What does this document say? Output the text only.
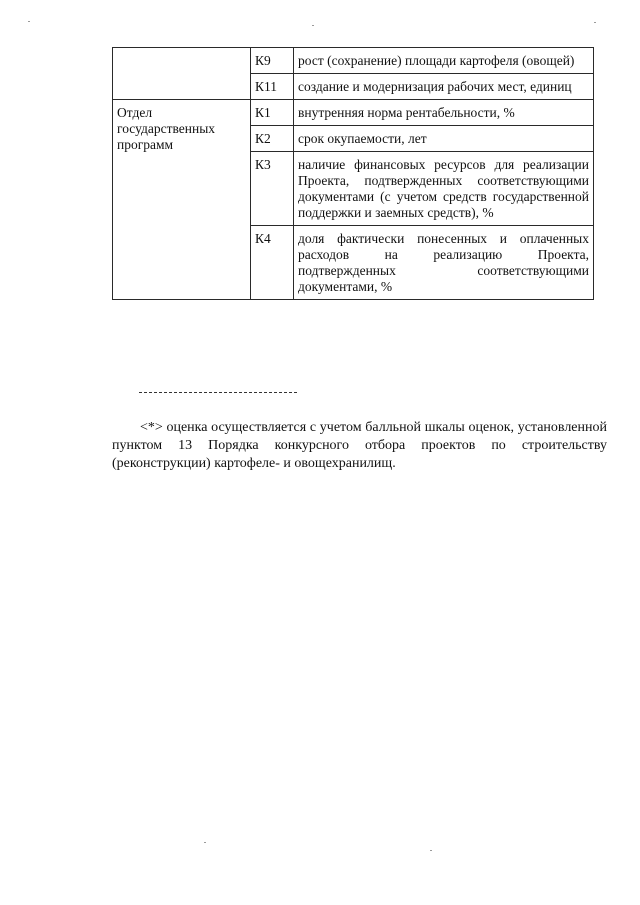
	К9	рост (сохранение) площади картофеля (овощей)
	К11	создание и модернизация рабочих мест, единиц
Отдел государственных программ	К1	внутренняя норма рентабельности, %
	К2	срок окупаемости, лет
	К3	наличие финансовых ресурсов для реализации Проекта, подтвержденных соответствующими документами (с учетом средств государственной поддержки и заемных средств), %
	К4	доля фактически понесенных и оплаченных расходов на реализацию Проекта, подтвержденных соответствующими документами, %

<*> оценка осуществляется с учетом балльной шкалы оценок, установленной пунктом 13 Порядка конкурсного отбора проектов по строительству (реконструкции) картофеле- и овощехранилищ.
